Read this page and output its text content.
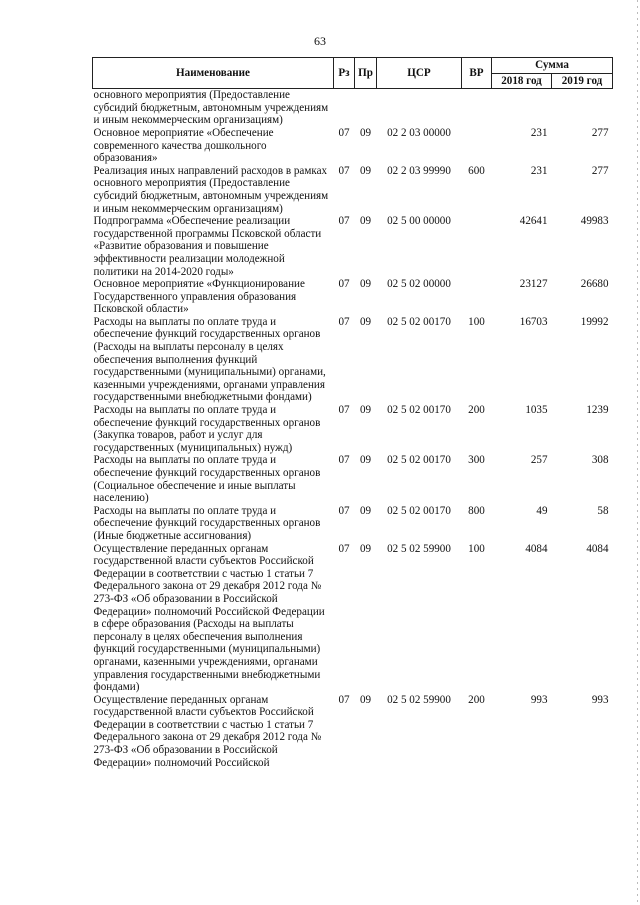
63
Наименование	Рз	Пр	ЦСР	ВР	Сумма	
					2018 год	2019 год
основного мероприятия (Предоставление субсидий бюджетным, автономным учреждениям и иным некоммерческим организациям)						
Основное мероприятие «Обеспечение современного качества дошкольного образования»	07	09	02 2 03 00000		231	277
Реализация иных направлений расходов в рамках основного мероприятия (Предоставление субсидий бюджетным, автономным учреждениям и иным некоммерческим организациям)	07	09	02 2 03 99990	600	231	277
Подпрограмма «Обеспечение реализации государственной программы Псковской области «Развитие образования и повышение эффективности реализации молодежной политики на 2014-2020 годы»	07	09	02 5 00 00000		42641	49983
Основное мероприятие «Функционирование Государственного управления образования Псковской области»	07	09	02 5 02 00000		23127	26680
Расходы на выплаты по оплате труда и обеспечение функций государственных органов (Расходы на выплаты персоналу в целях обеспечения выполнения функций государственными (муниципальными) органами, казенными учреждениями, органами управления государственными внебюджетными фондами)	07	09	02 5 02 00170	100	16703	19992
Расходы на выплаты по оплате труда и обеспечение функций государственных органов (Закупка товаров, работ и услуг для государственных (муниципальных) нужд)	07	09	02 5 02 00170	200	1035	1239
Расходы на выплаты по оплате труда и обеспечение функций государственных органов (Социальное обеспечение и иные выплаты населению)	07	09	02 5 02 00170	300	257	308
Расходы на выплаты по оплате труда и обеспечение функций государственных органов (Иные бюджетные ассигнования)	07	09	02 5 02 00170	800	49	58
Осуществление переданных органам государственной власти субъектов Российской Федерации в соответствии с частью 1 статьи 7 Федерального закона от 29 декабря 2012 года № 273-ФЗ «Об образовании в Российской Федерации» полномочий Российской Федерации в сфере образования (Расходы на выплаты персоналу в целях обеспечения выполнения функций государственными (муниципальными) органами, казенными учреждениями, органами управления государственными внебюджетными фондами)	07	09	02 5 02 59900	100	4084	4084
Осуществление переданных органам государственной власти субъектов Российской Федерации в соответствии с частью 1 статьи 7 Федерального закона от 29 декабря 2012 года № 273-ФЗ «Об образовании в Российской Федерации» полномочий Российской	07	09	02 5 02 59900	200	993	993
